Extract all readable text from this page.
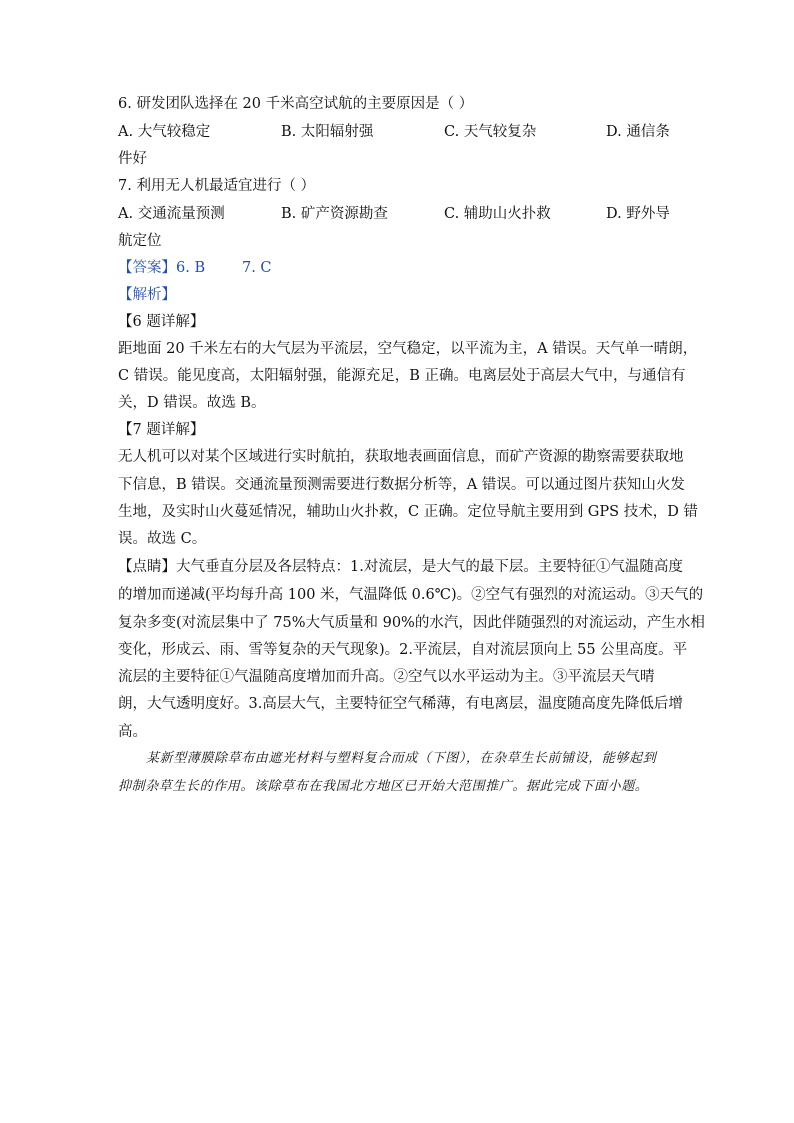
6. 研发团队选择在 20 千米高空试航的主要原因是（ ）
A. 大气较稳定	B. 太阳辐射强	C. 天气较复杂	D. 通信条
件好
7. 利用无人机最适宜进行（ ）
A. 交通流量预测	B. 矿产资源勘查	C. 辅助山火扑救	D. 野外导
航定位
【答案】6. B        7. C
【解析】
【6 题详解】
距地面 20 千米左右的大气层为平流层，空气稳定，以平流为主，A 错误。天气单一晴朗，
C 错误。能见度高，太阳辐射强，能源充足，B 正确。电离层处于高层大气中，与通信有
关，D 错误。故选 B。
【7 题详解】
无人机可以对某个区域进行实时航拍，获取地表画面信息，而矿产资源的勘察需要获取地
下信息，B 错误。交通流量预测需要进行数据分析等，A 错误。可以通过图片获知山火发
生地，及实时山火蔓延情况，辅助山火扑救，C 正确。定位导航主要用到 GPS 技术，D 错
误。故选 C。
【点睛】大气垂直分层及各层特点：1.对流层，是大气的最下层。主要特征①气温随高度
的增加而递减(平均每升高 100 米，气温降低 0.6℃)。②空气有强烈的对流运动。③天气的
复杂多变(对流层集中了 75%大气质量和 90%的水汽，因此伴随强烈的对流运动，产生水相
变化，形成云、雨、雪等复杂的天气现象)。2.平流层，自对流层顶向上 55 公里高度。平
流层的主要特征①气温随高度增加而升高。②空气以水平运动为主。③平流层天气晴
朗，大气透明度好。3.高层大气，主要特征空气稀薄，有电离层，温度随高度先降低后增
高。
某新型薄膜除草布由遮光材料与塑料复合而成（下图），在杂草生长前铺设，能够起到
抑制杂草生长的作用。该除草布在我国北方地区已开始大范围推广。据此完成下面小题。
